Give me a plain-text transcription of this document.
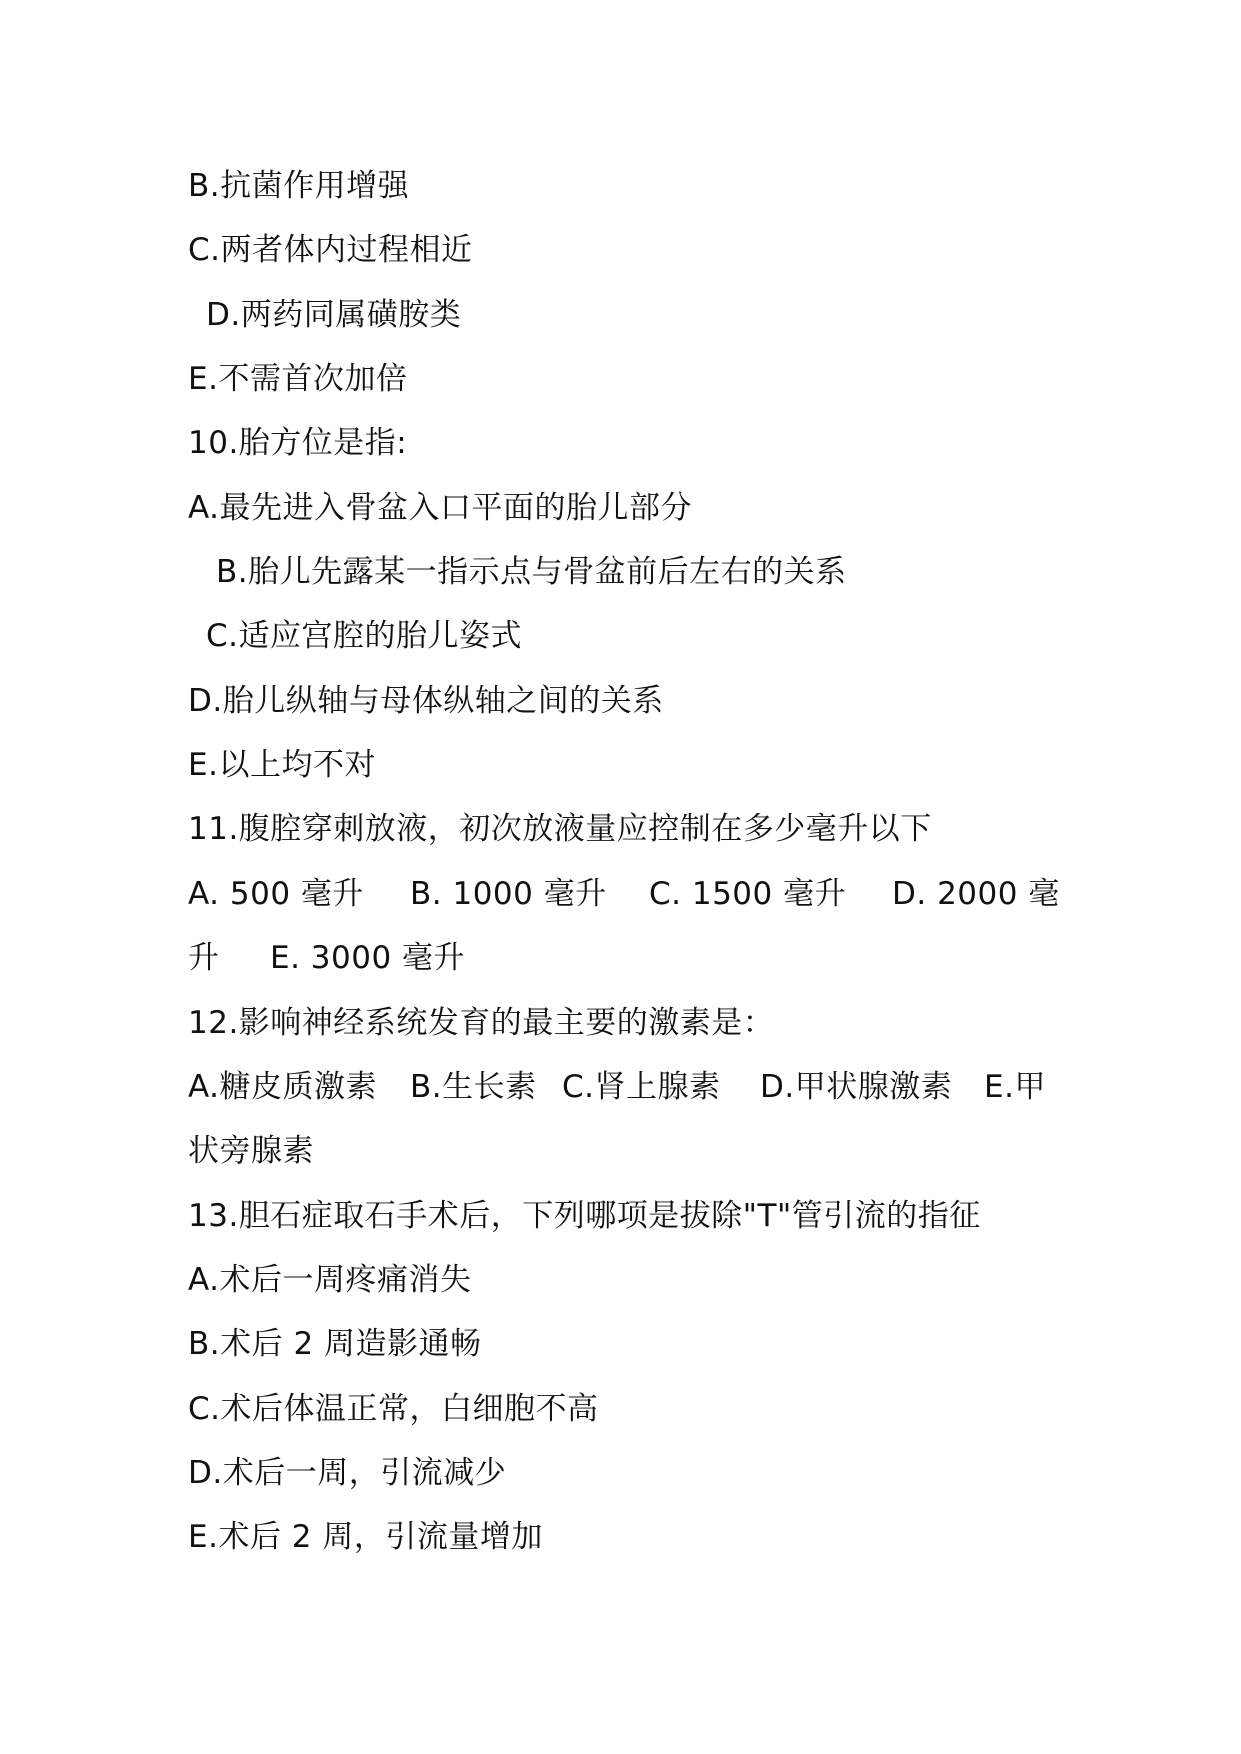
B.抗菌作用增强
C.两者体内过程相近
D.两药同属磺胺类
E.不需首次加倍
10.胎方位是指:
A.最先进入骨盆入口平面的胎儿部分
B.胎儿先露某一指示点与骨盆前后左右的关系
C.适应宫腔的胎儿姿式
D.胎儿纵轴与母体纵轴之间的关系
E.以上均不对
11.腹腔穿刺放液，初次放液量应控制在多少毫升以下
A. 500 毫升 B. 1000 毫升 C. 1500 毫升 D. 2000 毫
升 E. 3000 毫升
12.影响神经系统发育的最主要的激素是：
A.糖皮质激素 B.生长素 C.肾上腺素 D.甲状腺激素 E.甲
状旁腺素
13.胆石症取石手术后，下列哪项是拔除"T"管引流的指征
A.术后一周疼痛消失
B.术后 2 周造影通畅
C.术后体温正常，白细胞不高
D.术后一周，引流减少
E.术后 2 周，引流量增加
